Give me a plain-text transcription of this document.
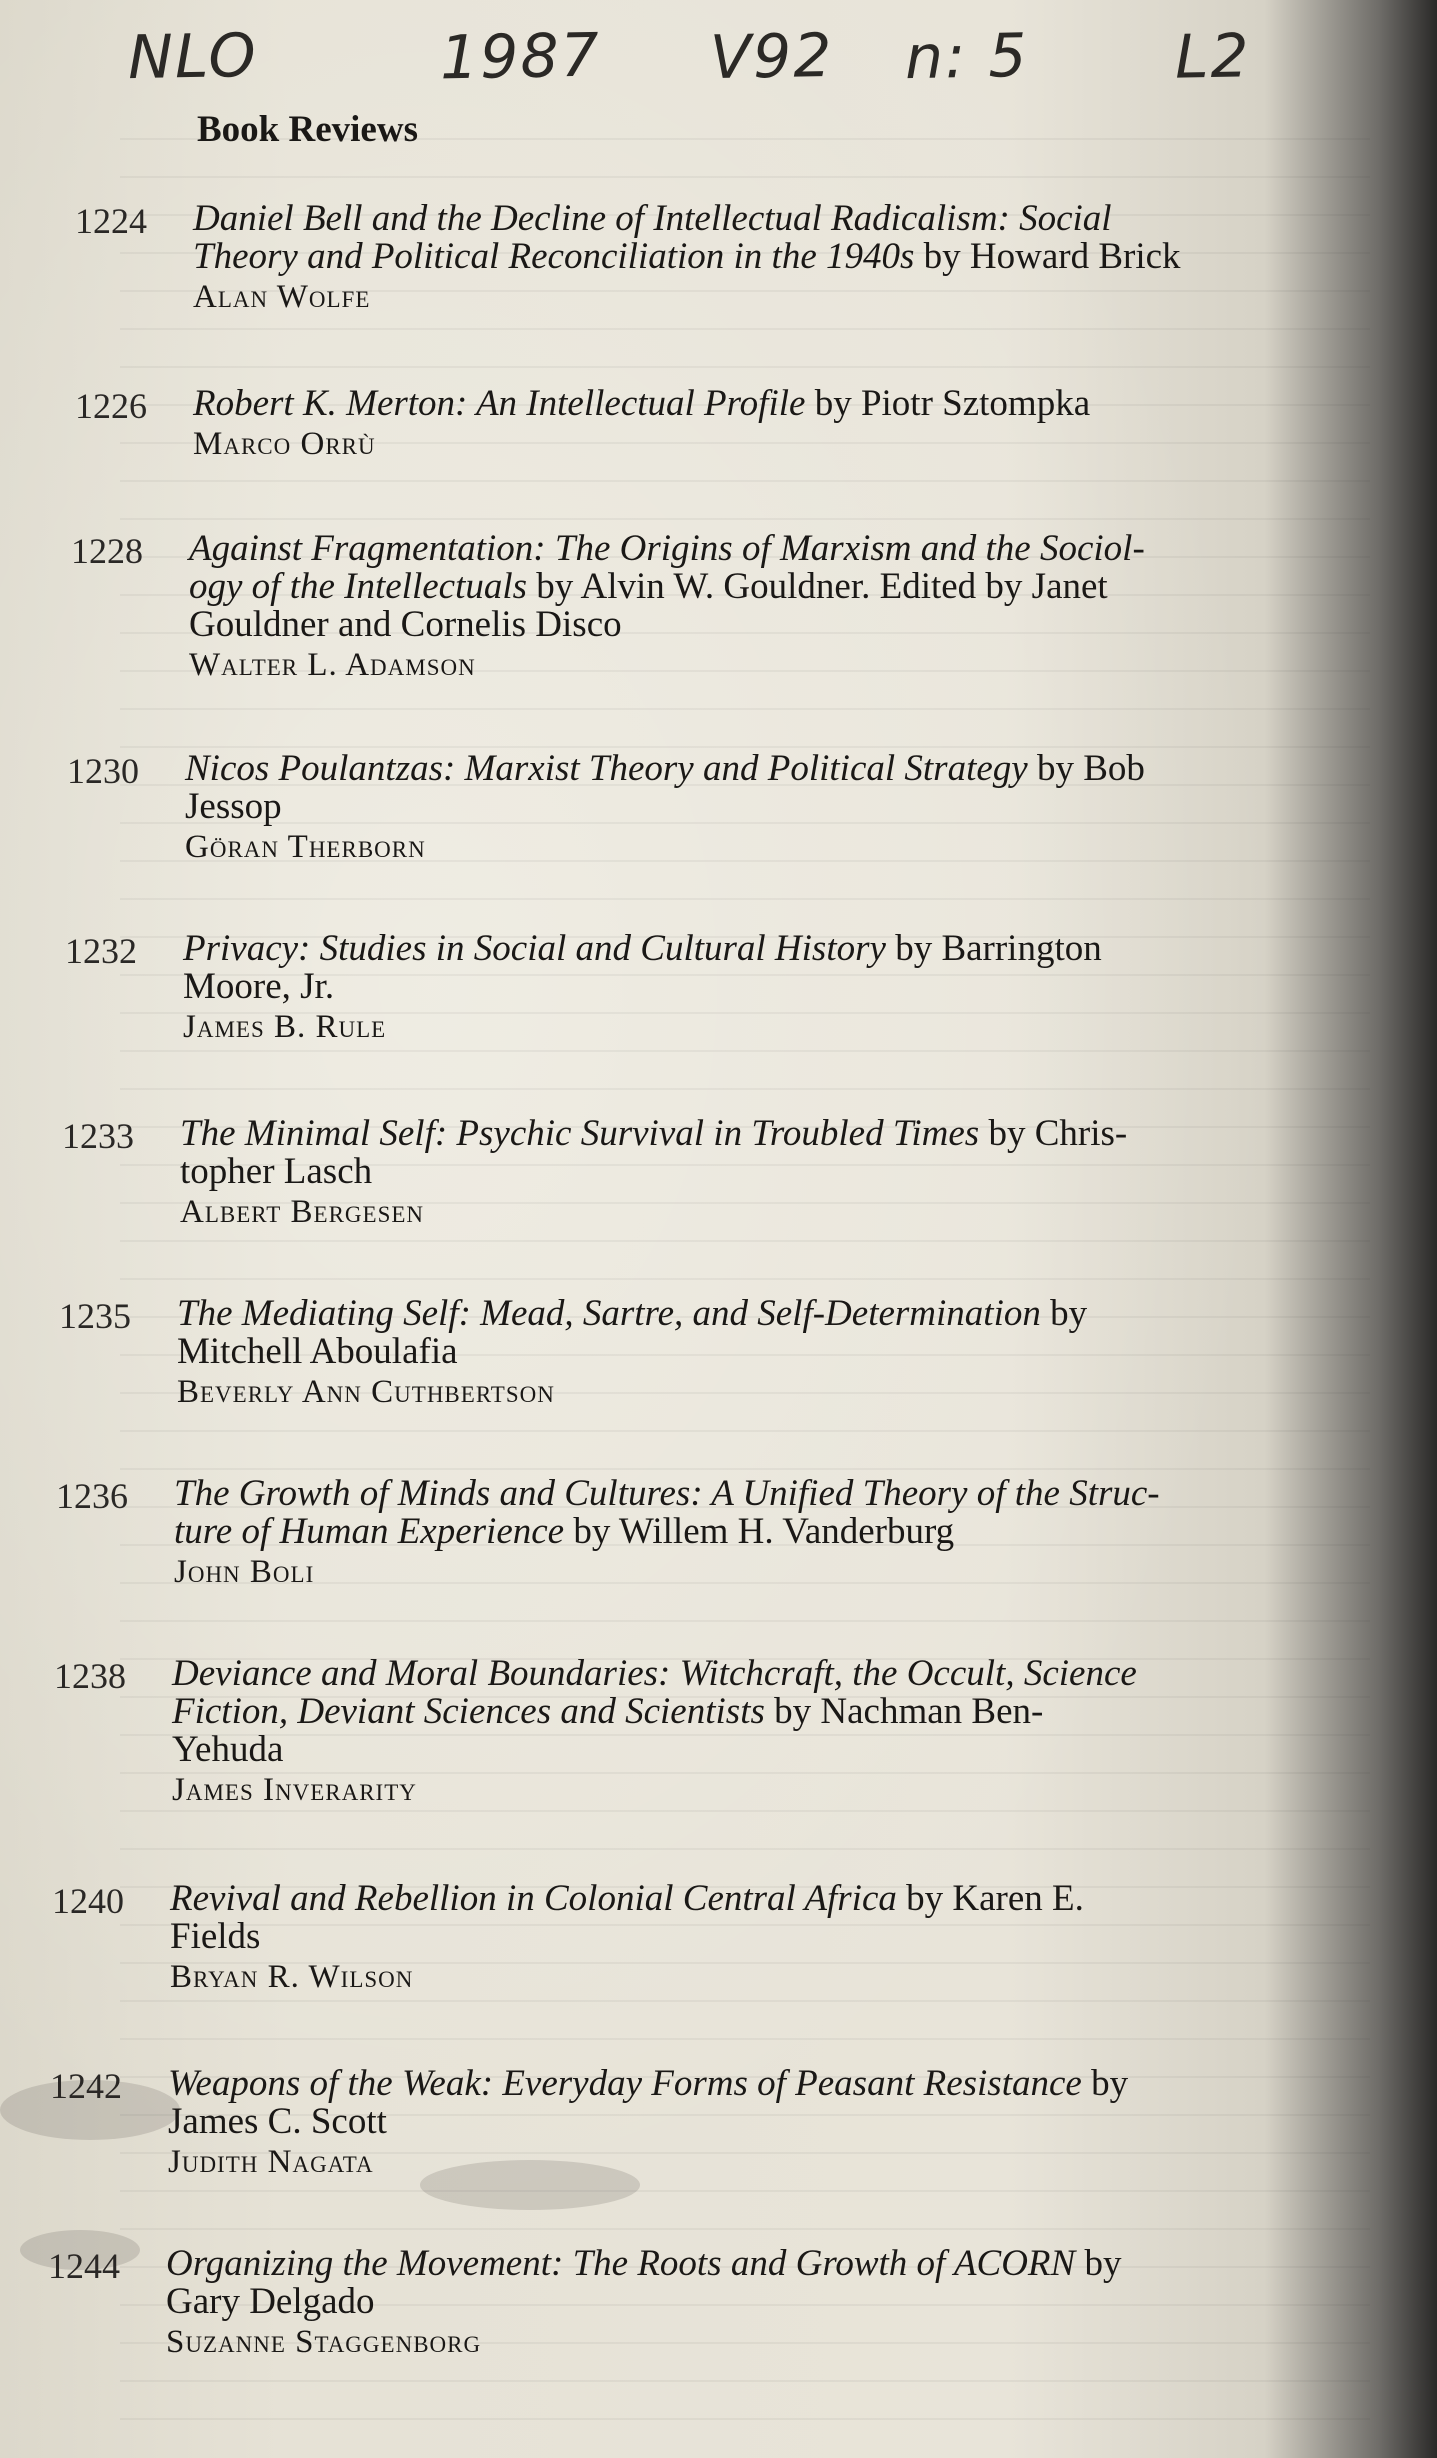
NLO	1987 V92 n: 5 L2
Book Reviews
1224 Daniel Bell and the Decline of Intellectual Radicalism: Social
Theory and Political Reconciliation in the 1940s by Howard Brick
Alan Wolfe
1226 Robert K. Merton: An Intellectual Profile by Piotr Sztompka
Marco Orrù
1228 Against Fragmentation: The Origins of Marxism and the Sociol-
ogy of the Intellectuals by Alvin W. Gouldner. Edited by Janet
Gouldner and Cornelis Disco
Walter L. Adamson
1230 Nicos Poulantzas: Marxist Theory and Political Strategy by Bob
Jessop
Göran Therborn
1232 Privacy: Studies in Social and Cultural History by Barrington
Moore, Jr.
James B. Rule
1233 The Minimal Self: Psychic Survival in Troubled Times by Chris-
topher Lasch
Albert Bergesen
1235 The Mediating Self: Mead, Sartre, and Self-Determination by
Mitchell Aboulafia
Beverly Ann Cuthbertson
1236 The Growth of Minds and Cultures: A Unified Theory of the Struc-
ture of Human Experience by Willem H. Vanderburg
John Boli
1238 Deviance and Moral Boundaries: Witchcraft, the Occult, Science
Fiction, Deviant Sciences and Scientists by Nachman Ben-
Yehuda
James Inverarity
1240 Revival and Rebellion in Colonial Central Africa by Karen E.
Fields
Bryan R. Wilson
1242 Weapons of the Weak: Everyday Forms of Peasant Resistance by
James C. Scott
Judith Nagata
1244 Organizing the Movement: The Roots and Growth of ACORN by
Gary Delgado
Suzanne Staggenborg
